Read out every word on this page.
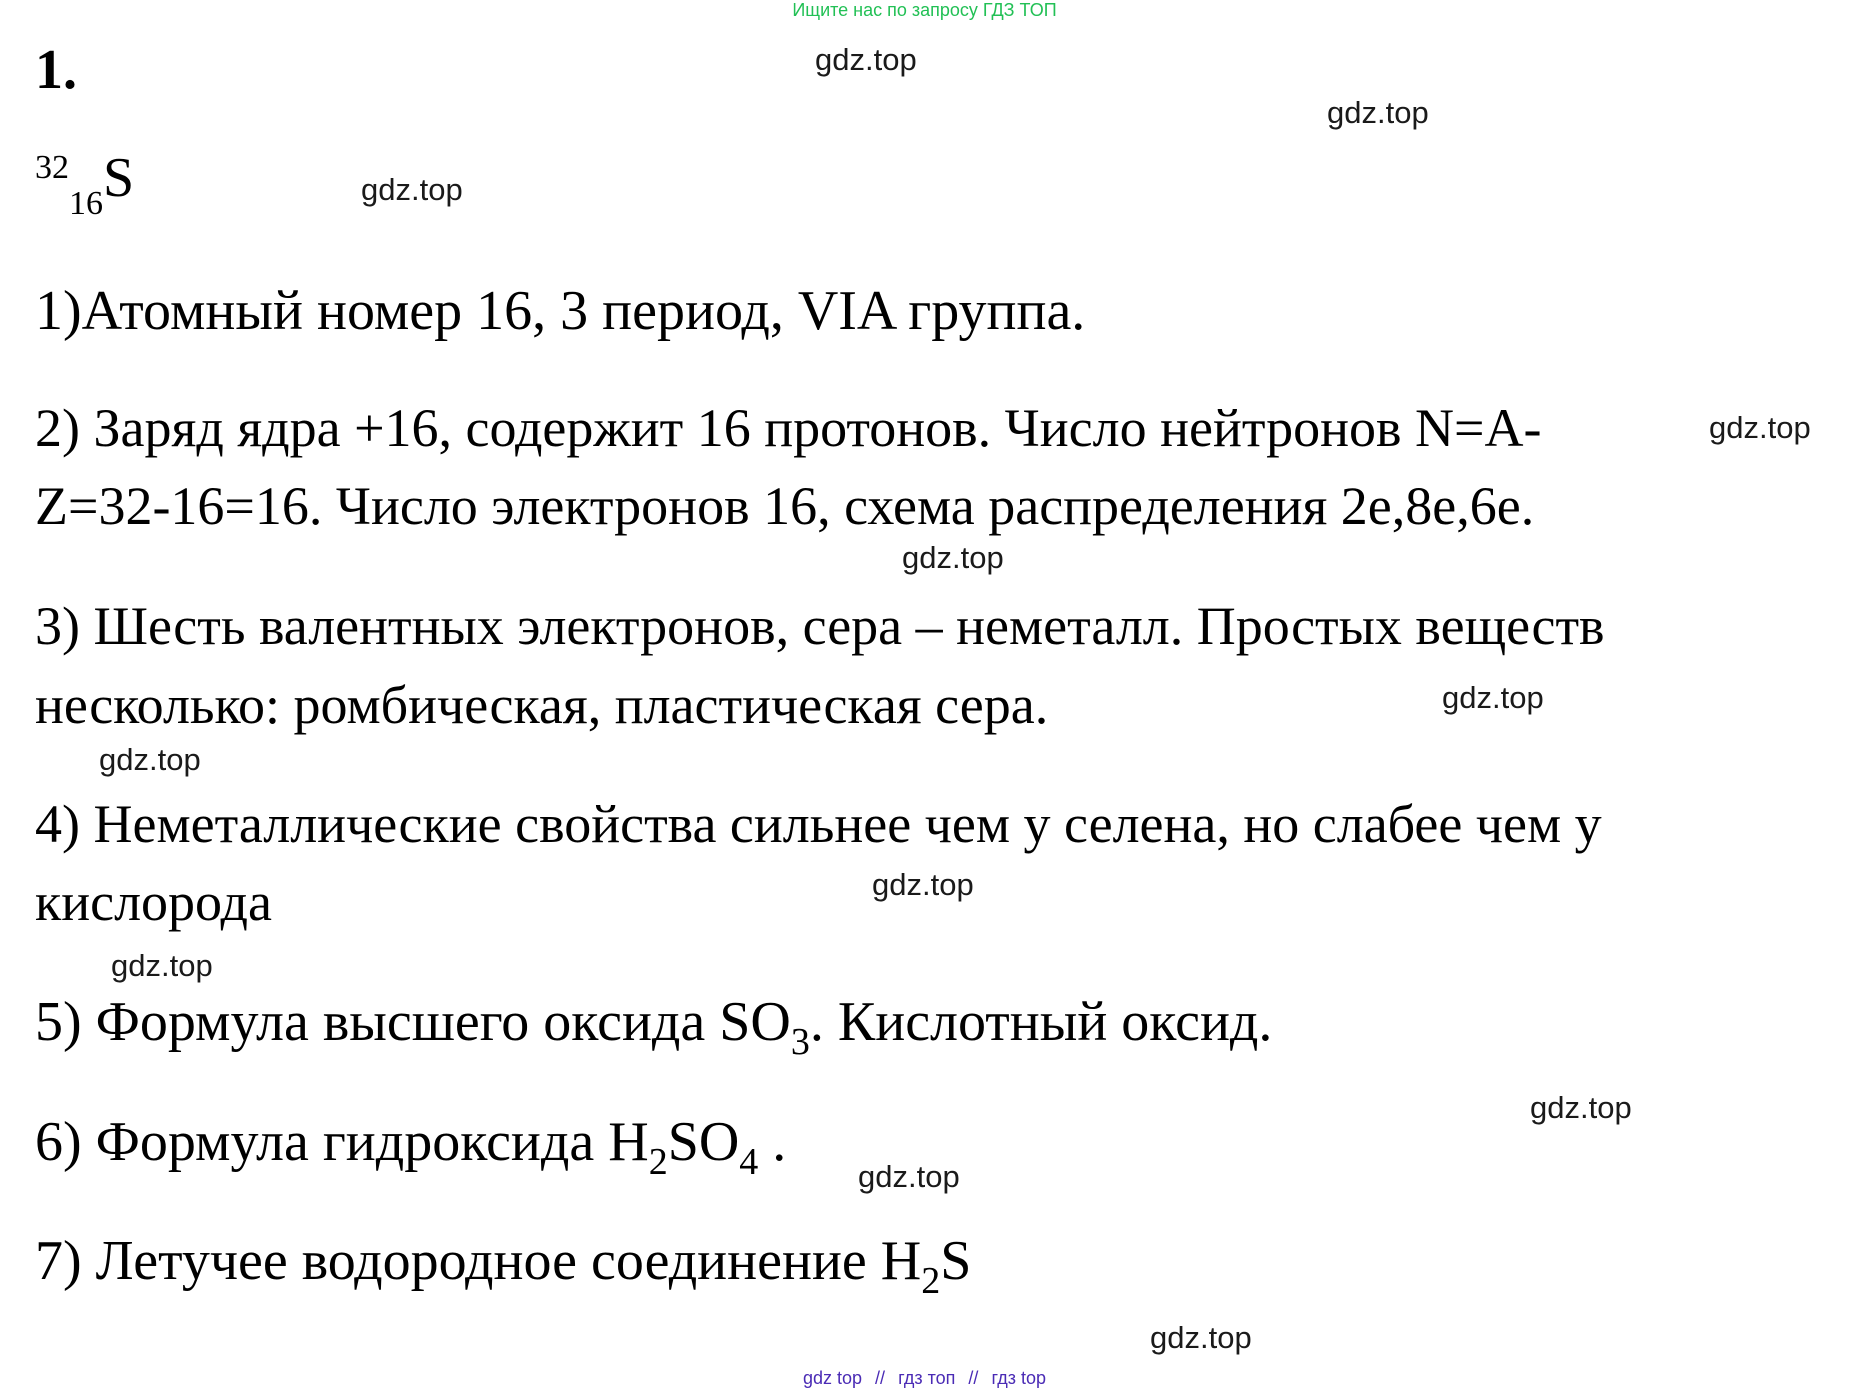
Ищите нас по запросу ГДЗ ТОП
1.
$^{32}_{16}$S
1)Атомный номер 16, 3 период, VIA группа.
2) Заряд ядра +16, содержит 16 протонов. Число нейтронов N=A-
Z=32-16=16. Число электронов 16, схема распределения 2е,8е,6е.
3) Шесть валентных электронов, сера – неметалл. Простых веществ
несколько: ромбическая, пластическая сера.
4) Неметаллические свойства сильнее чем у селена, но слабее чем у
кислорода
5) Формула высшего оксида $SO_3$. Кислотный оксид.
6) Формула гидроксида $H_2SO_4$ .
7) Летучее водородное соединение $H_2S$
gdz.top
gdz.top
gdz.top
gdz.top
gdz.top
gdz.top
gdz.top
gdz.top
gdz.top
gdz.top
gdz.top
gdz.top
gdz top // гдз топ // гдз top
